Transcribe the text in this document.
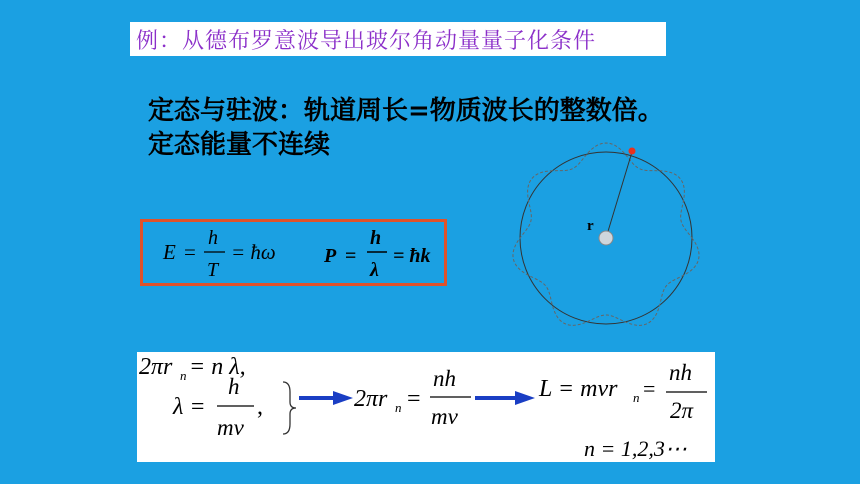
例：从德布罗意波导出玻尔角动量量子化条件
定态与驻波：轨道周长=物质波长的整数倍。
定态能量不连续
E =
h
T
= ħω P =
h
λ
= ħk
r
2πr n = n λ,
λ =
h
mv
,	2πr n =
nh
mv
L = mvr n =
nh
2π
n = 1,2,3⋯
